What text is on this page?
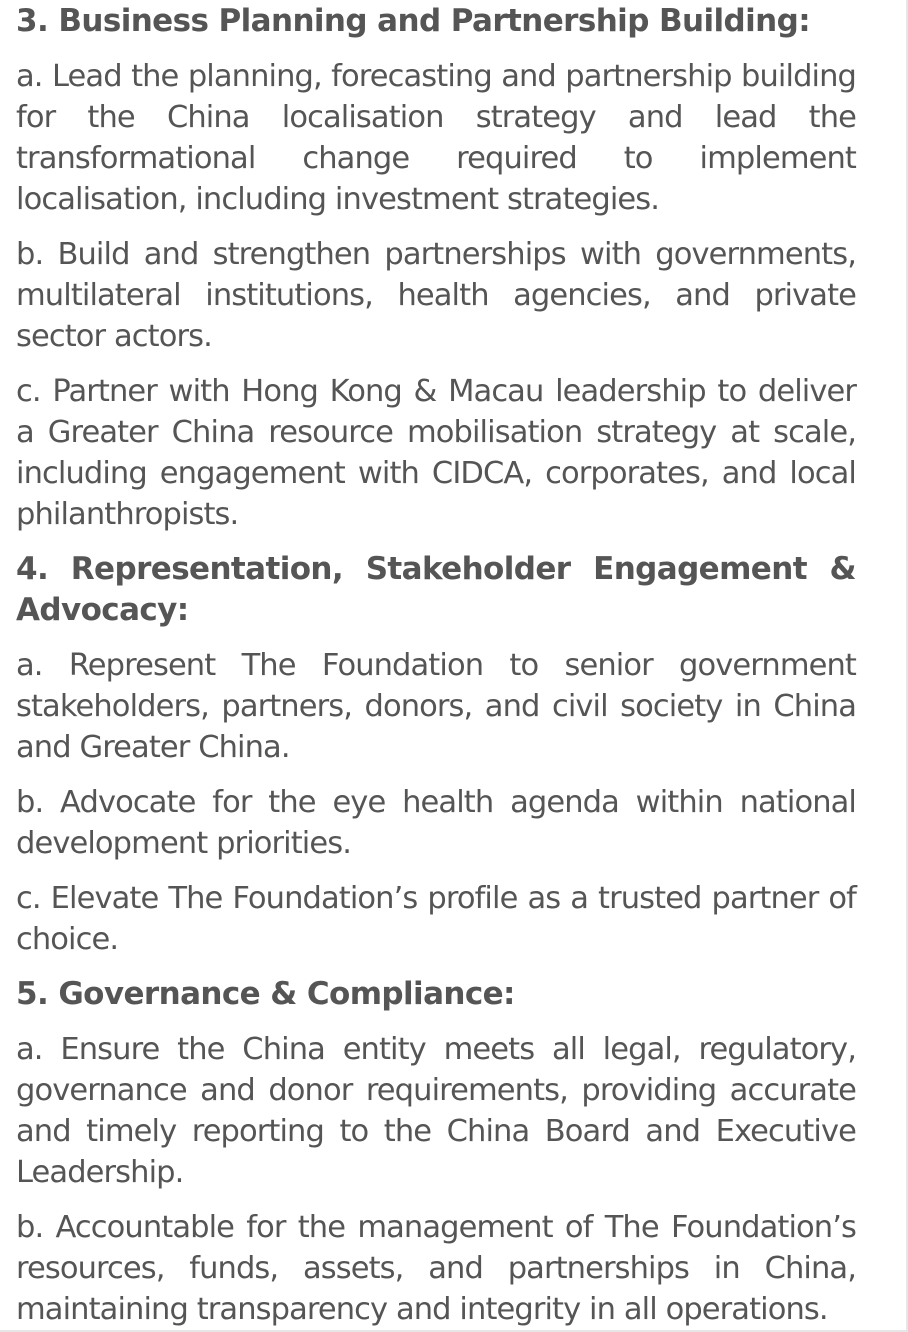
3. Business Planning and Partnership Building:

a. Lead the planning, forecasting and partnership building for the China localisation strategy and lead the transformational change required to implement localisation, including investment strategies.

b. Build and strengthen partnerships with governments, multilateral institutions, health agencies, and private sector actors.

c. Partner with Hong Kong & Macau leadership to deliver a Greater China resource mobilisation strategy at scale, including engagement with CIDCA, corporates, and local philanthropists.

4. Representation, Stakeholder Engagement & Advocacy:

a. Represent The Foundation to senior government stakeholders, partners, donors, and civil society in China and Greater China.

b. Advocate for the eye health agenda within national development priorities.

c. Elevate The Foundation’s profile as a trusted partner of choice.

5. Governance & Compliance:

a. Ensure the China entity meets all legal, regulatory, governance and donor requirements, providing accurate and timely reporting to the China Board and Executive Leadership.

b. Accountable for the management of The Foundation’s resources, funds, assets, and partnerships in China, maintaining transparency and integrity in all operations.
